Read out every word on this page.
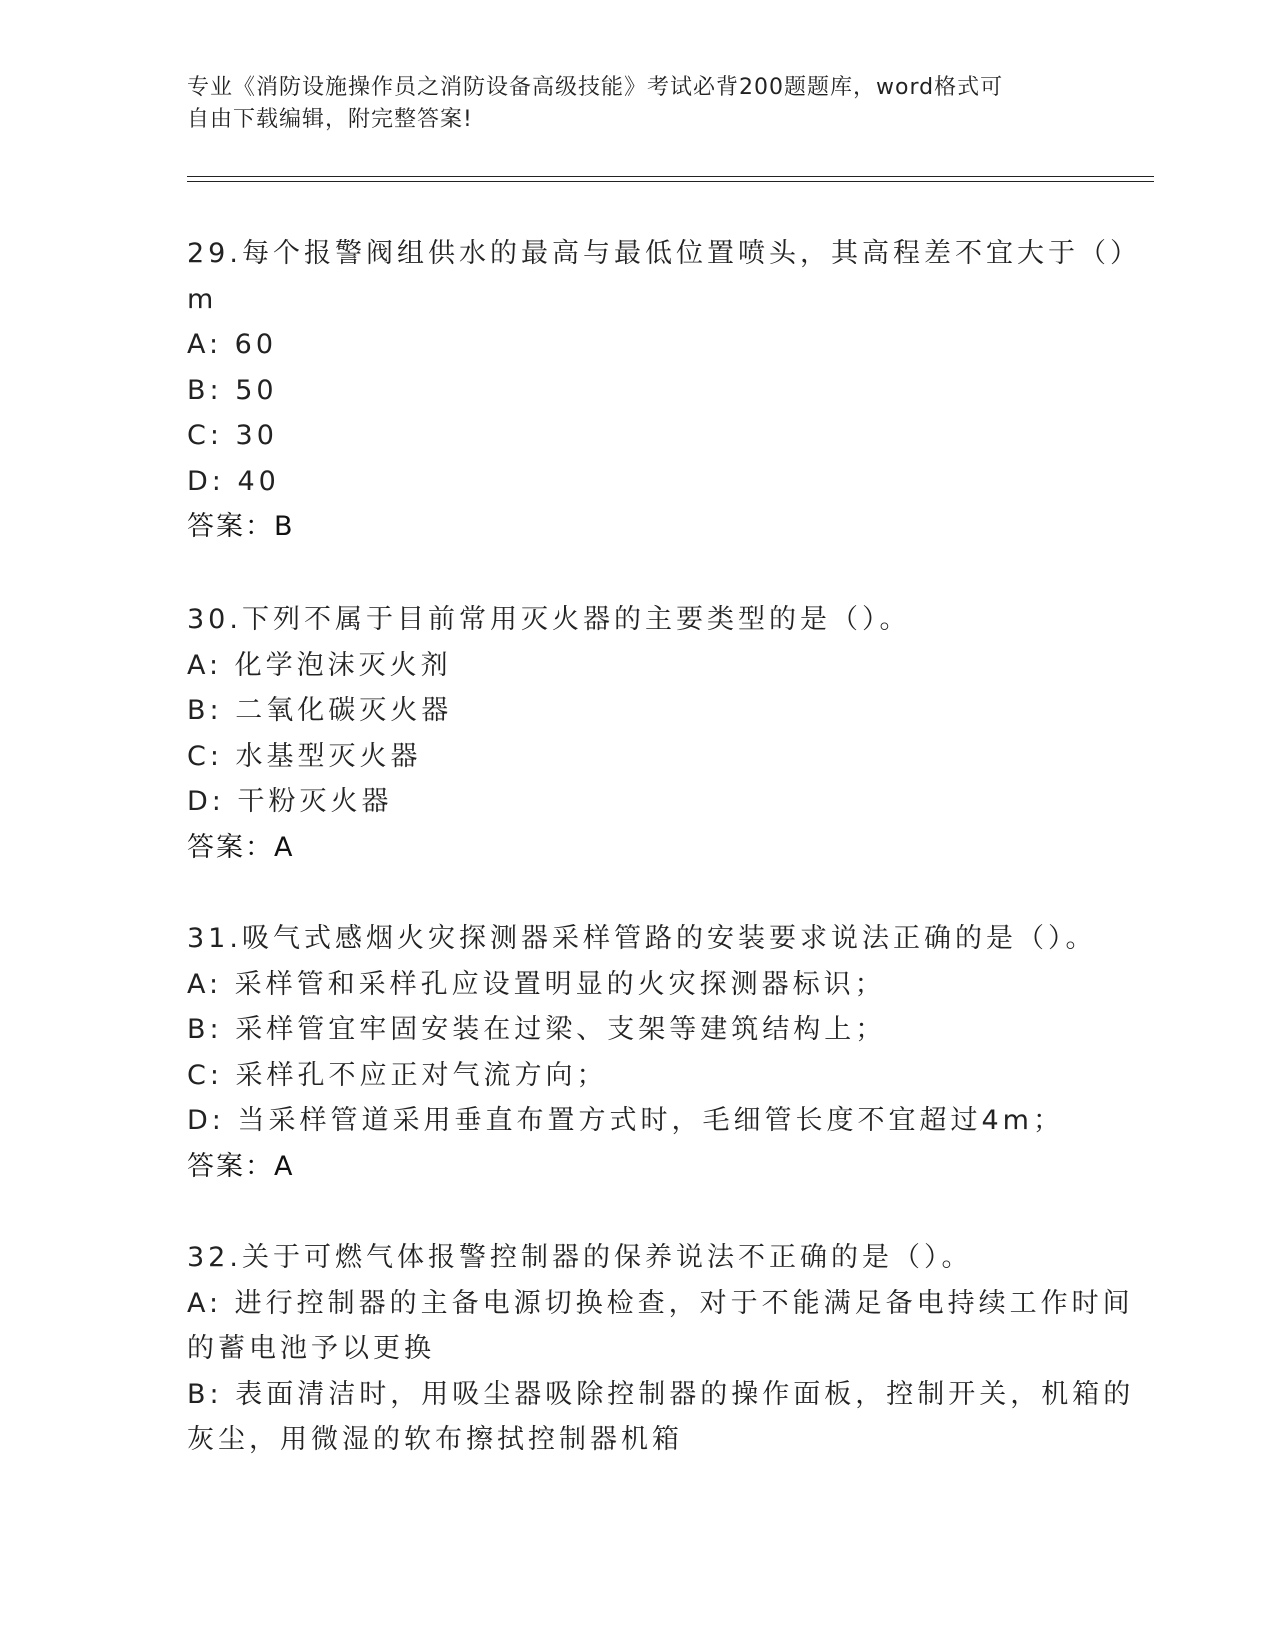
专业《消防设施操作员之消防设备高级技能》考试必背200题题库，word格式可
自由下载编辑，附完整答案!
29.每个报警阀组供水的最高与最低位置喷头，其高程差不宜大于（）
m
A: 60
B: 50
C: 30
D: 40
答案：B
30.下列不属于目前常用灭火器的主要类型的是（）。
A: 化学泡沫灭火剂
B: 二氧化碳灭火器
C: 水基型灭火器
D: 干粉灭火器
答案：A
31.吸气式感烟火灾探测器采样管路的安装要求说法正确的是（）。
A: 采样管和采样孔应设置明显的火灾探测器标识；
B: 采样管宜牢固安装在过梁、支架等建筑结构上；
C: 采样孔不应正对气流方向；
D: 当采样管道采用垂直布置方式时，毛细管长度不宜超过4m；
答案：A
32.关于可燃气体报警控制器的保养说法不正确的是（）。
A: 进行控制器的主备电源切换检查，对于不能满足备电持续工作时间
的蓄电池予以更换
B: 表面清洁时，用吸尘器吸除控制器的操作面板，控制开关，机箱的
灰尘，用微湿的软布擦拭控制器机箱
